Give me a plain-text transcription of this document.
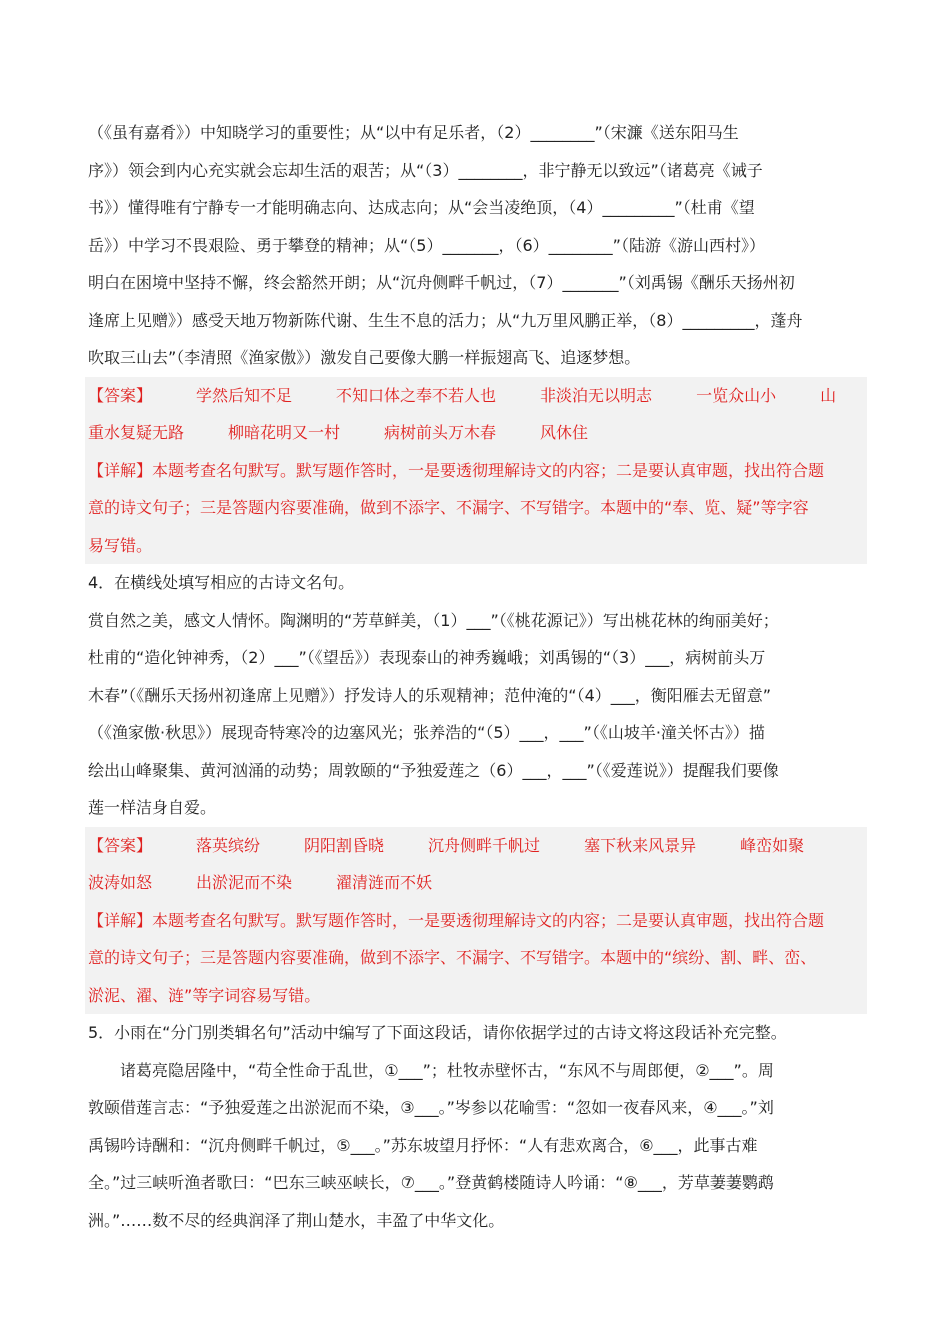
（《虽有嘉肴》）中知晓学习的重要性；从“以中有足乐者，（2）________”（宋濂《送东阳马生
序》）领会到内心充实就会忘却生活的艰苦；从“（3）________，非宁静无以致远”（诸葛亮《诫子
书》）懂得唯有宁静专一才能明确志向、达成志向；从“会当凌绝顶，（4）_________”（杜甫《望
岳》）中学习不畏艰险、勇于攀登的精神；从“（5）_______，（6）________”（陆游《游山西村》）
明白在困境中坚持不懈，终会豁然开朗；从“沉舟侧畔千帆过，（7）_______”（刘禹锡《酬乐天扬州初
逢席上见赠》）感受天地万物新陈代谢、生生不息的活力；从“九万里风鹏正举，（8）_________，蓬舟
吹取三山去”（李清照《渔家傲》）激发自己要像大鹏一样振翅高飞、追逐梦想。
【答案】	学然后知不足	不知口体之奉不若人也	非淡泊无以明志	一览众山小	山
重水复疑无路	柳暗花明又一村	病树前头万木春	风休住
【详解】本题考查名句默写。默写题作答时，一是要透彻理解诗文的内容；二是要认真审题，找出符合题
意的诗文句子；三是答题内容要准确，做到不添字、不漏字、不写错字。本题中的“奉、览、疑”等字容
易写错。
4．在横线处填写相应的古诗文名句。
赏自然之美，感文人情怀。陶渊明的“芳草鲜美，（1）___”（《桃花源记》）写出桃花林的绚丽美好；
杜甫的“造化钟神秀，（2）___”（《望岳》）表现泰山的神秀巍峨；刘禹锡的“（3）___，病树前头万
木春”（《酬乐天扬州初逢席上见赠》）抒发诗人的乐观精神；范仲淹的“（4）___，衡阳雁去无留意”
（《渔家傲·秋思》）展现奇特寒冷的边塞风光；张养浩的“（5）___，___”（《山坡羊·潼关怀古》）描
绘出山峰聚集、黄河汹涌的动势；周敦颐的“予独爱莲之（6）___，___”（《爱莲说》）提醒我们要像
莲一样洁身自爱。
【答案】	落英缤纷	阴阳割昏晓	沉舟侧畔千帆过	塞下秋来风景异	峰峦如聚
波涛如怒	出淤泥而不染	濯清涟而不妖
【详解】本题考查名句默写。默写题作答时，一是要透彻理解诗文的内容；二是要认真审题，找出符合题
意的诗文句子；三是答题内容要准确，做到不添字、不漏字、不写错字。本题中的“缤纷、割、畔、峦、
淤泥、濯、涟”等字词容易写错。
5．小雨在“分门别类辑名句”活动中编写了下面这段话，请你依据学过的古诗文将这段话补充完整。
诸葛亮隐居隆中，“苟全性命于乱世，①___”；杜牧赤壁怀古，“东风不与周郎便，②___”。周
敦颐借莲言志：“予独爱莲之出淤泥而不染，③___。”岑参以花喻雪：“忽如一夜春风来，④___。”刘
禹锡吟诗酬和：“沉舟侧畔千帆过，⑤___。”苏东坡望月抒怀：“人有悲欢离合，⑥___，此事古难
全。”过三峡听渔者歌曰：“巴东三峡巫峡长，⑦___。”登黄鹤楼随诗人吟诵：“⑧___，芳草萋萋鹦鹉
洲。”……数不尽的经典润泽了荆山楚水，丰盈了中华文化。
